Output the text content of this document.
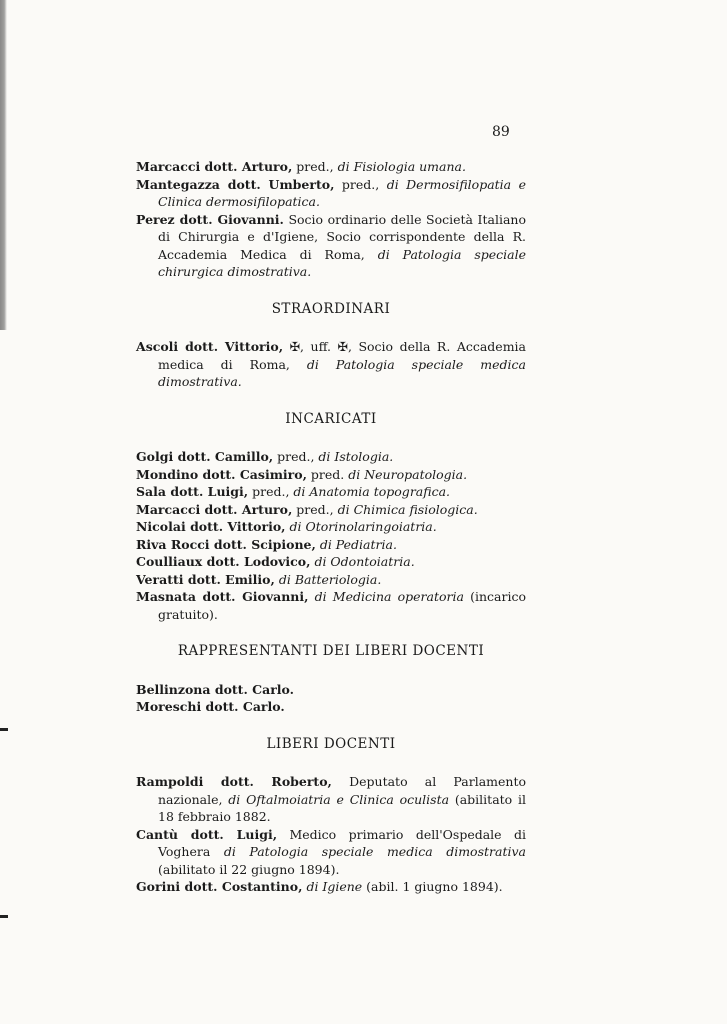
89

Marcacci dott. Arturo, pred., di Fisiologia umana.

Mantegazza dott. Umberto, pred., di Dermosifilopatia e Clinica dermosifilopatica.

Perez dott. Giovanni. Socio ordinario delle Società Italiano di Chirurgia e d'Igiene, Socio corrispondente della R. Accademia Medica di Roma, di Patologia speciale chirurgica dimostrativa.

STRAORDINARI

Ascoli dott. Vittorio, ✠, uff. ✠, Socio della R. Accademia medica di Roma, di Patologia speciale medica dimostrativa.

INCARICATI

Golgi dott. Camillo, pred., di Istologia.

Mondino dott. Casimiro, pred. di Neuropatologia.

Sala dott. Luigi, pred., di Anatomia topografica.

Marcacci dott. Arturo, pred., di Chimica fisiologica.

Nicolai dott. Vittorio, di Otorinolaringoiatria.

Riva Rocci dott. Scipione, di Pediatria.

Coulliaux dott. Lodovico, di Odontoiatria.

Veratti dott. Emilio, di Batteriologia.

Masnata dott. Giovanni, di Medicina operatoria (incarico gratuito).

RAPPRESENTANTI DEI LIBERI DOCENTI

Bellinzona dott. Carlo.

Moreschi dott. Carlo.

LIBERI DOCENTI

Rampoldi dott. Roberto, Deputato al Parlamento nazionale, di Oftalmoiatria e Clinica oculista (abilitato il 18 febbraio 1882.

Cantù dott. Luigi, Medico primario dell'Ospedale di Voghera di Patologia speciale medica dimostrativa (abilitato il 22 giugno 1894).

Gorini dott. Costantino, di Igiene (abil. 1 giugno 1894).
